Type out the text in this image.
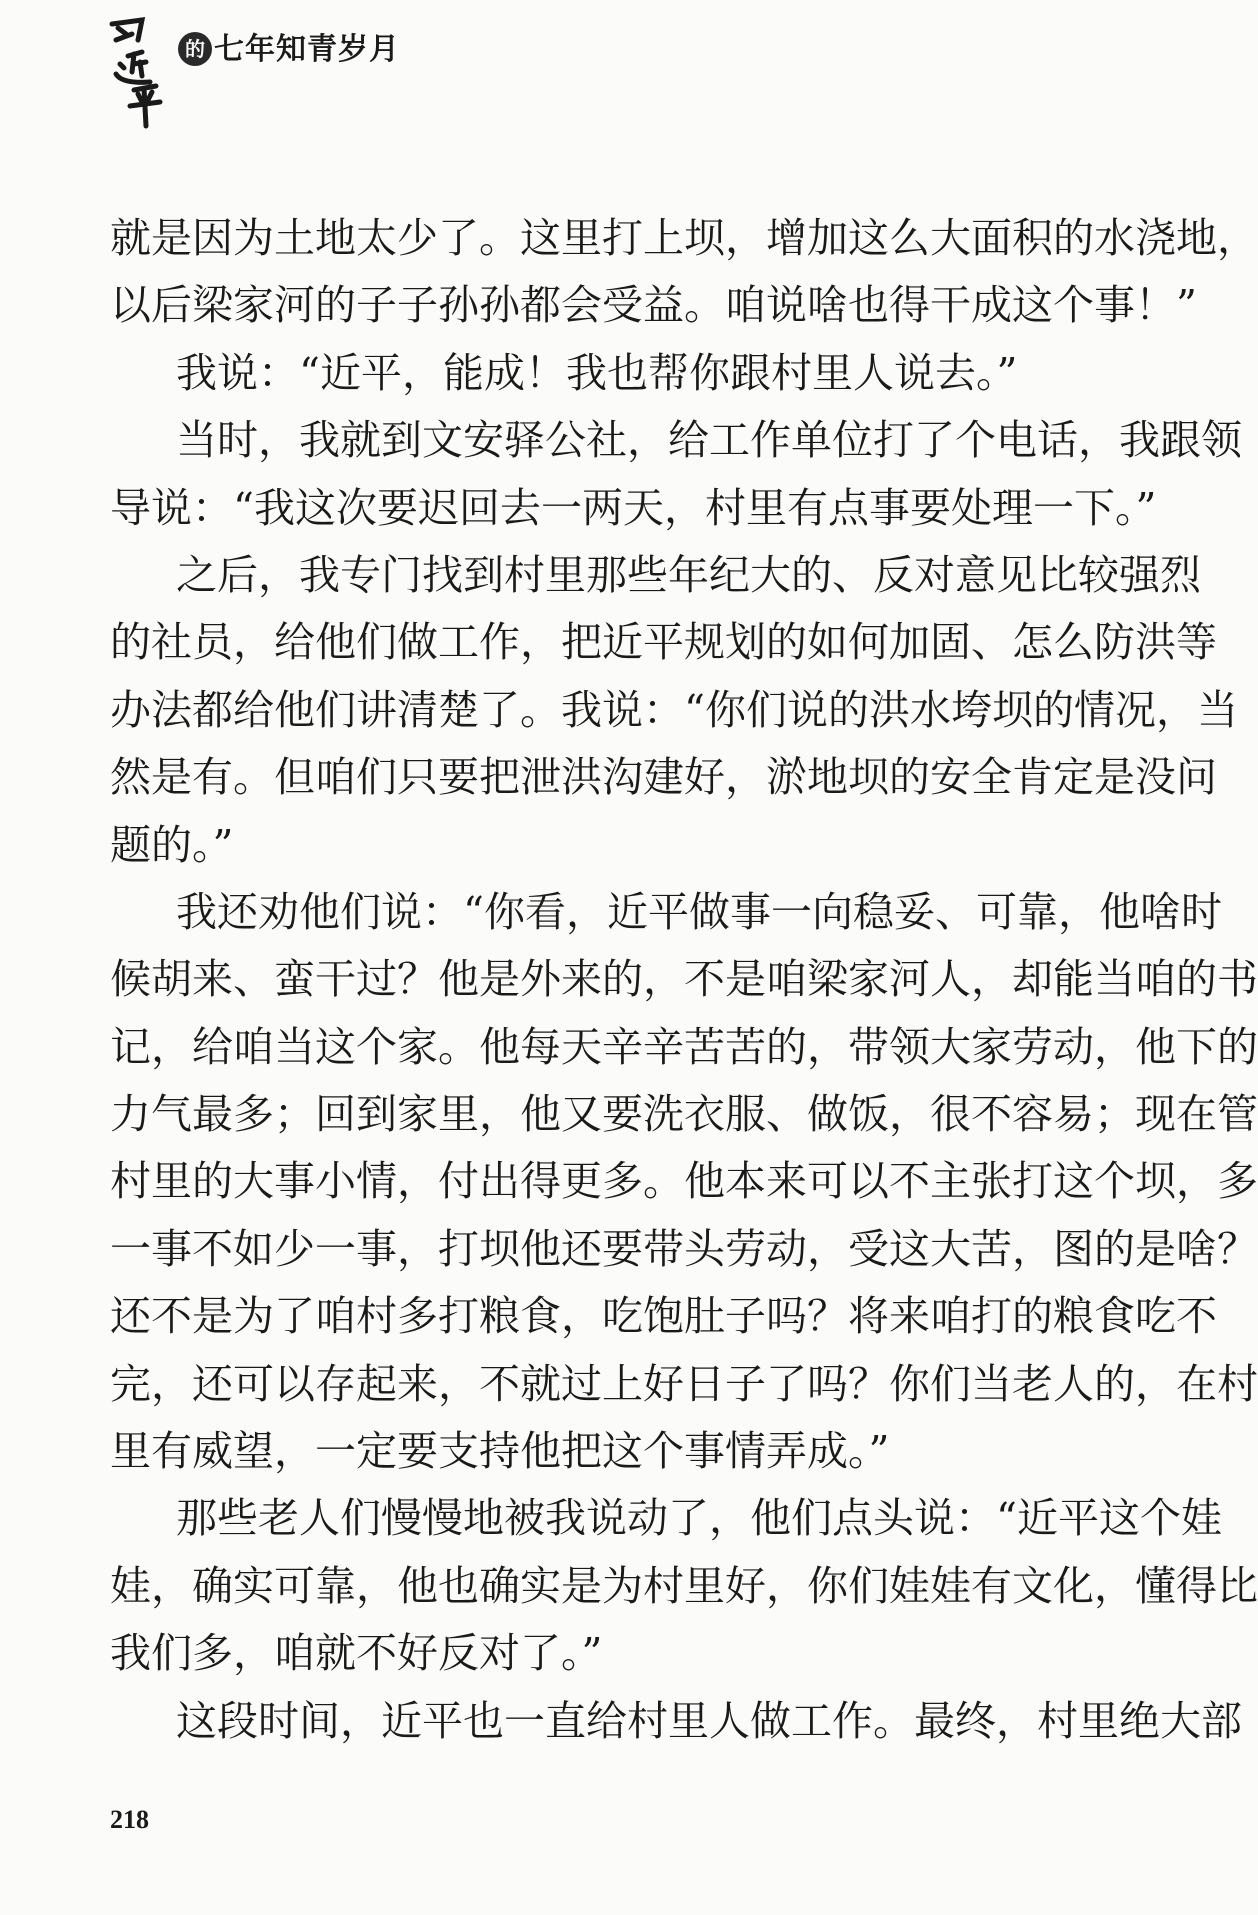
的 七年知青岁月
就是因为土地太少了。这里打上坝，增加这么大面积的水浇地，
以后梁家河的子子孙孙都会受益。咱说啥也得干成这个事！”
我说：“近平，能成！我也帮你跟村里人说去。”
当时，我就到文安驿公社，给工作单位打了个电话，我跟领
导说：“我这次要迟回去一两天，村里有点事要处理一下。”
之后，我专门找到村里那些年纪大的、反对意见比较强烈
的社员，给他们做工作，把近平规划的如何加固、怎么防洪等
办法都给他们讲清楚了。我说：“你们说的洪水垮坝的情况，当
然是有。但咱们只要把泄洪沟建好，淤地坝的安全肯定是没问
题的。”
我还劝他们说：“你看，近平做事一向稳妥、可靠，他啥时
候胡来、蛮干过？他是外来的，不是咱梁家河人，却能当咱的书
记，给咱当这个家。他每天辛辛苦苦的，带领大家劳动，他下的
力气最多；回到家里，他又要洗衣服、做饭，很不容易；现在管
村里的大事小情，付出得更多。他本来可以不主张打这个坝，多
一事不如少一事，打坝他还要带头劳动，受这大苦，图的是啥？
还不是为了咱村多打粮食，吃饱肚子吗？将来咱打的粮食吃不
完，还可以存起来，不就过上好日子了吗？你们当老人的，在村
里有威望，一定要支持他把这个事情弄成。”
那些老人们慢慢地被我说动了，他们点头说：“近平这个娃
娃，确实可靠，他也确实是为村里好，你们娃娃有文化，懂得比
我们多，咱就不好反对了。”
这段时间，近平也一直给村里人做工作。最终，村里绝大部
218
